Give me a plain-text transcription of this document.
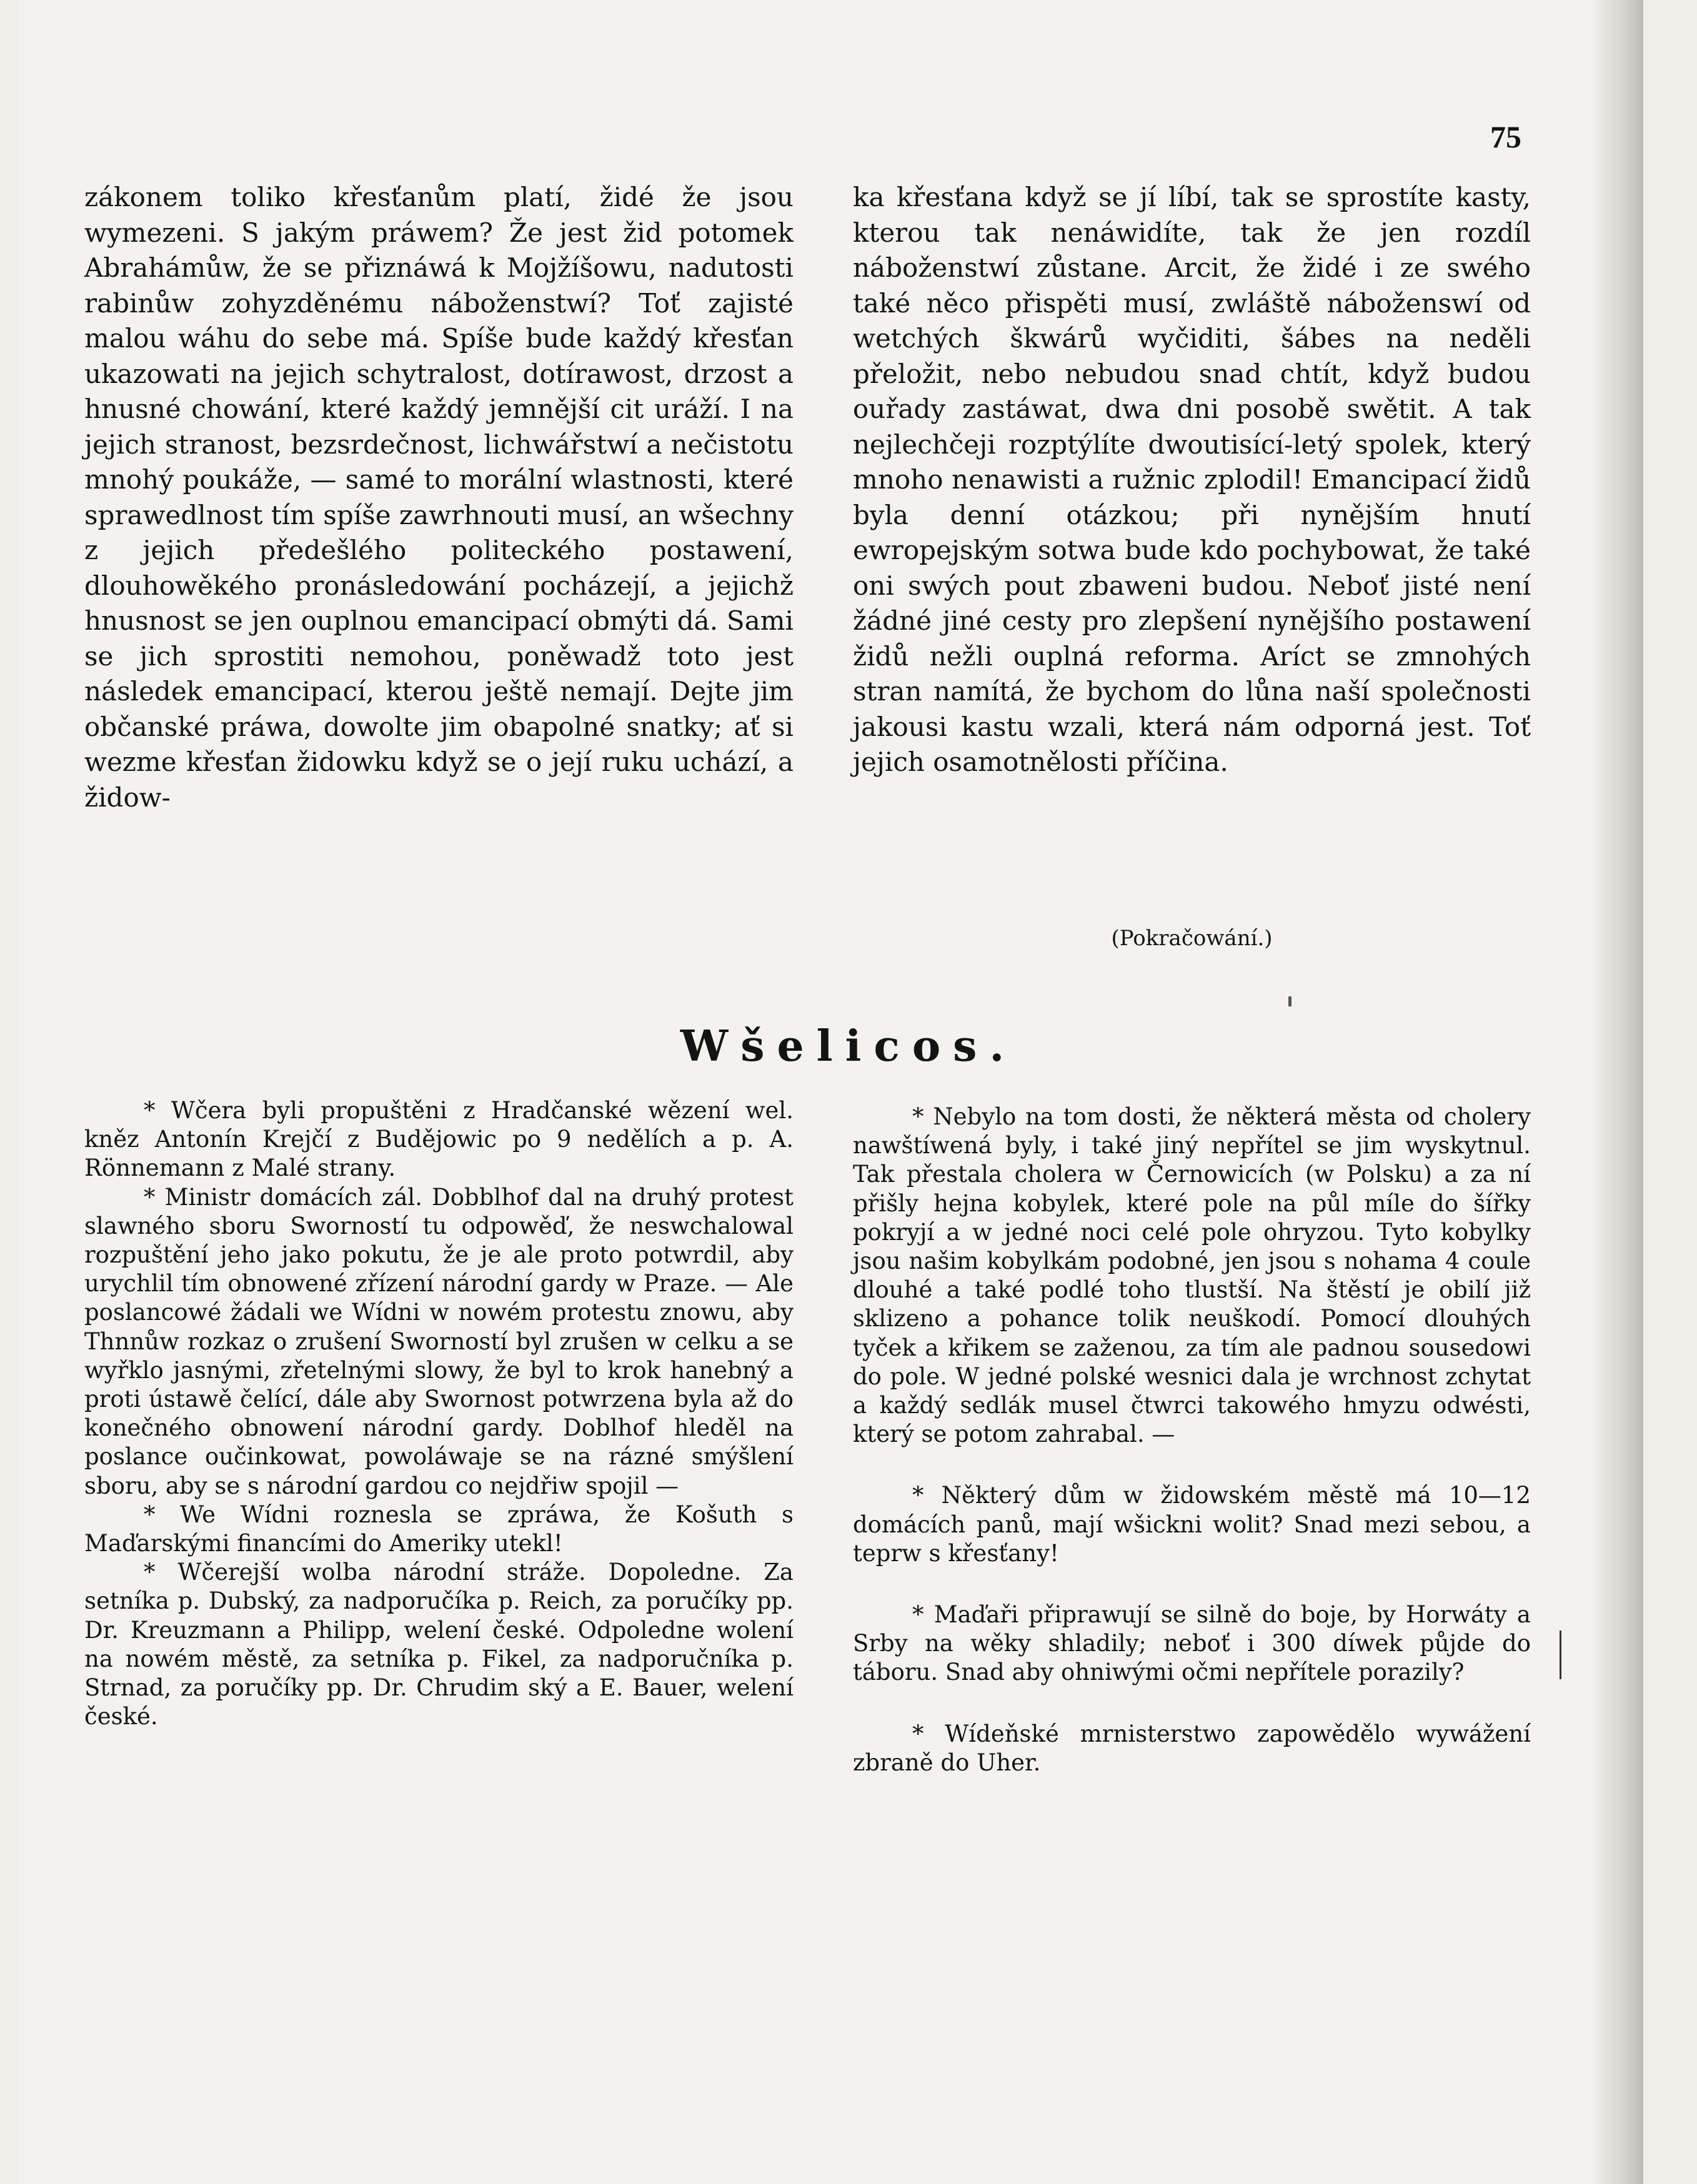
75

zákonem toliko křesťanům platí, židé že jsou wymezeni. S jakým práwem? Že jest žid potomek Abrahámůw, že se přiznáwá k Mojžíšowu, nadutosti rabinůw zohyzděnému náboženstwí? Toť zajisté malou wáhu do sebe má. Spíše bude každý křesťan ukazowati na jejich schytralost, dotírawost, drzost a hnusné chowání, které každý jemnější cit uráží. I na jejich stranost, bezsrdečnost, lichwářstwí a nečistotu mnohý poukáže, — samé to morální wlastnosti, které sprawedlnost tím spíše zawrhnouti musí, an wšechny z jejich předešlého politeckého postawení, dlouhowěkého pronásledowání pocházejí, a jejichž hnusnost se jen ouplnou emancipací obmýti dá. Sami se jich sprostiti nemohou, poněwadž toto jest následek emancipací, kterou ještě nemají. Dejte jim občanské práwa, dowolte jim obapolné snatky; ať si wezme křesťan židowku když se o její ruku uchází, a židow-

ka křesťana když se jí líbí, tak se sprostíte kasty, kterou tak nenáwidíte, tak že jen rozdíl náboženstwí zůstane. Arcit, že židé i ze swého také něco přispěti musí, zwláště náboženswí od wetchých škwárů wyčiditi, šábes na neděli přeložit, nebo nebudou snad chtít, když budou ouřady zastáwat, dwa dni posobě swětit. A tak nejlechčeji rozptýlíte dwoutisící-letý spolek, který mnoho nenawisti a ružnic zplodil! Emancipací židů byla denní otázkou; při nynějším hnutí ewropejským sotwa bude kdo pochybowat, že také oni swých pout zbaweni budou. Neboť jisté není žádné jiné cesty pro zlepšení nynějšího postawení židů nežli ouplná reforma. Aríct se zmnohých stran namítá, že bychom do lůna naší společnosti jakousi kastu wzali, která nám odporná jest. Toť jejich osamotnělosti příčina.

(Pokračowání.)
Wšelicos.

* Wčera byli propuštěni z Hradčanské wězení wel. kněz Antonín Krejčí z Budějowic po 9 nedělích a p. A. Rönnemann z Malé strany.

* Ministr domácích zál. Dobblhof dal na druhý protest slawného sboru Sworností tu odpowěď, že neswchalowal rozpuštění jeho jako pokutu, že je ale proto potwrdil, aby urychlil tím obnowené zřízení národní gardy w Praze. — Ale poslancowé žádali we Wídni w nowém protestu znowu, aby Thnnůw rozkaz o zrušení Sworností byl zrušen w celku a se wyřklo jasnými, zřetelnými slowy, že byl to krok hanebný a proti ústawě čelící, dále aby Swornost potwrzena byla až do konečného obnowení národní gardy. Doblhof hleděl na poslance oučinkowat, powoláwaje se na rázné smýšlení sboru, aby se s národní gardou co nejdřiw spojil —

* We Wídni roznesla se zpráwa, že Košuth s Maďarskými financími do Ameriky utekl!

* Wčerejší wolba národní stráže. Dopoledne. Za setníka p. Dubský, za nadporučíka p. Reich, za poručíky pp. Dr. Kreuzmann a Philipp, welení české. Odpoledne wolení na nowém městě, za setníka p. Fikel, za nadporučníka p. Strnad, za poručíky pp. Dr. Chrudim ský a E. Bauer, welení české.

* Nebylo na tom dosti, že některá města od cholery nawštíwená byly, i také jiný nepřítel se jim wyskytnul. Tak přestala cholera w Černowicích (w Polsku) a za ní přišly hejna kobylek, které pole na půl míle do šířky pokryjí a w jedné noci celé pole ohryzou. Tyto kobylky jsou našim kobylkám podobné, jen jsou s nohama 4 coule dlouhé a také podlé toho tlustší. Na štěstí je obilí již sklizeno a pohance tolik neuškodí. Pomocí dlouhých tyček a křikem se zaženou, za tím ale padnou sousedowi do pole. W jedné polské wesnici dala je wrchnost zchytat a každý sedlák musel čtwrci takowého hmyzu odwésti, který se potom zahrabal. —

* Některý dům w židowském městě má 10—12 domácích panů, mají wšickni wolit? Snad mezi sebou, a teprw s křesťany!

* Maďaři připrawují se silně do boje, by Horwáty a Srby na wěky shladily; neboť i 300 díwek půjde do táboru. Snad aby ohniwými očmi nepřítele porazily?

* Wídeňské mrnisterstwo zapowědělo wywážení zbraně do Uher.
